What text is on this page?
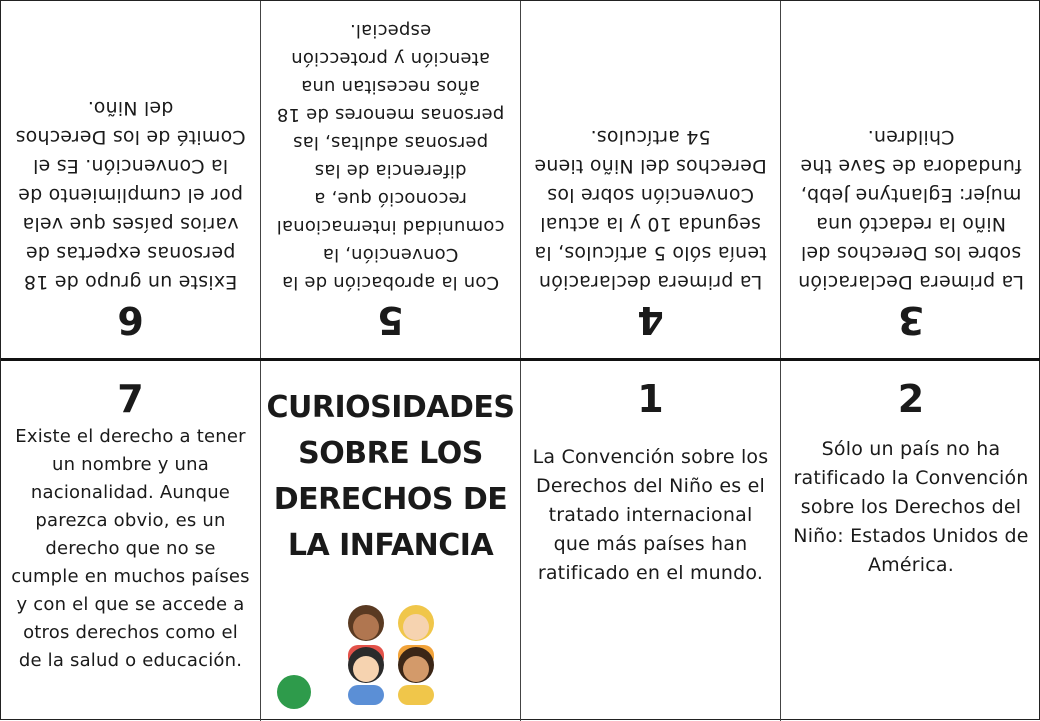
6
Existe un grupo de 18 personas expertas de varios países que vela por el cumplimiento de la Convención. Es el Comité de los Derechos del Niño.
5
Con la aprobación de la Convención, la comunidad internacional reconoció que, a diferencia de las personas adultas, las personas menores de 18 años necesitan una atención y protección especial.
4
La primera declaración tenía sólo 5 artículos, la segunda 10 y la actual Convención sobre los Derechos del Niño tiene 54 artículos.
3
La primera Declaración sobre los Derechos del Niño la redactó una mujer: Eglantyne Jebb, fundadora de Save the Children.
7
Existe el derecho a tener un nombre y una nacionalidad. Aunque parezca obvio, es un derecho que no se cumple en muchos países y con el que se accede a otros derechos como el de la salud o educación.
CURIOSIDADES SOBRE LOS DERECHOS DE LA INFANCIA
1
La Convención sobre los Derechos del Niño es el tratado internacional que más países han ratificado en el mundo.
2
Sólo un país no ha ratificado la Convención sobre los Derechos del Niño: Estados Unidos de América.
